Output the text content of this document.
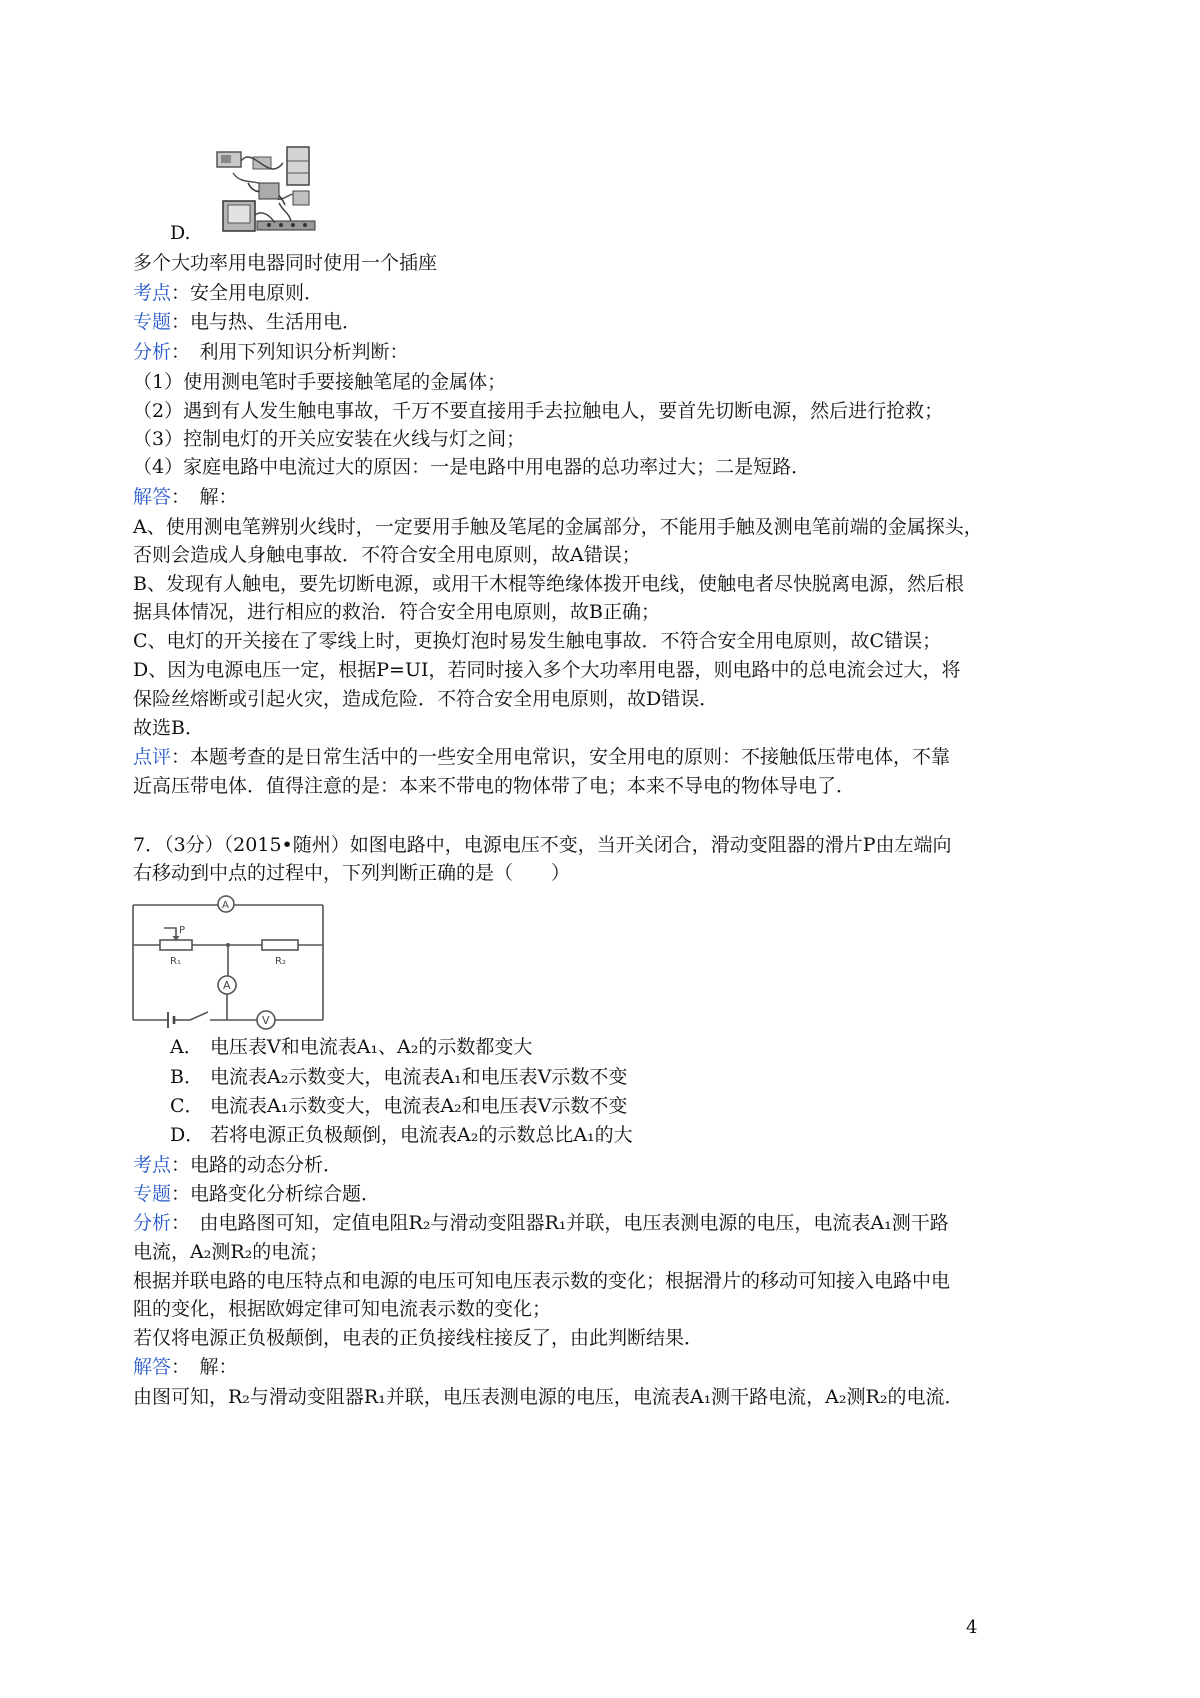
D.
多个大功率用电器同时使用一个插座
考点：安全用电原则．
专题：电与热、生活用电．
分析：　利用下列知识分析判断：
（1）使用测电笔时手要接触笔尾的金属体；
（2）遇到有人发生触电事故，千万不要直接用手去拉触电人，要首先切断电源，然后进行抢救；
（3）控制电灯的开关应安装在火线与灯之间；
（4）家庭电路中电流过大的原因：一是电路中用电器的总功率过大；二是短路．
解答：　解：
A、使用测电笔辨别火线时，一定要用手触及笔尾的金属部分，不能用手触及测电笔前端的金属探头，
否则会造成人身触电事故．不符合安全用电原则，故A错误；
B、发现有人触电，要先切断电源，或用干木棍等绝缘体拨开电线，使触电者尽快脱离电源，然后根
据具体情况，进行相应的救治．符合安全用电原则，故B正确；
C、电灯的开关接在了零线上时，更换灯泡时易发生触电事故．不符合安全用电原则，故C错误；
D、因为电源电压一定，根据P=UI，若同时接入多个大功率用电器，则电路中的总电流会过大，将
保险丝熔断或引起火灾，造成危险．不符合安全用电原则，故D错误．
故选B．
点评：本题考查的是日常生活中的一些安全用电常识，安全用电的原则：不接触低压带电体，不靠
近高压带电体．值得注意的是：本来不带电的物体带了电；本来不导电的物体导电了．
7．（3分）（2015•随州）如图电路中，电源电压不变，当开关闭合，滑动变阻器的滑片P由左端向
右移动到中点的过程中，下列判断正确的是（　　）
A
A
V
P
R₁	R₂
A． 电压表V和电流表A₁、A₂的示数都变大
B． 电流表A₂示数变大，电流表A₁和电压表V示数不变
C． 电流表A₁示数变大，电流表A₂和电压表V示数不变
D． 若将电源正负极颠倒，电流表A₂的示数总比A₁的大
考点：电路的动态分析．
专题：电路变化分析综合题．
分析：　由电路图可知，定值电阻R₂与滑动变阻器R₁并联，电压表测电源的电压，电流表A₁测干路
电流，A₂测R₂的电流；
根据并联电路的电压特点和电源的电压可知电压表示数的变化；根据滑片的移动可知接入电路中电
阻的变化，根据欧姆定律可知电流表示数的变化；
若仅将电源正负极颠倒，电表的正负接线柱接反了，由此判断结果．
解答：　解：
由图可知，R₂与滑动变阻器R₁并联，电压表测电源的电压，电流表A₁测干路电流，A₂测R₂的电流．
4
